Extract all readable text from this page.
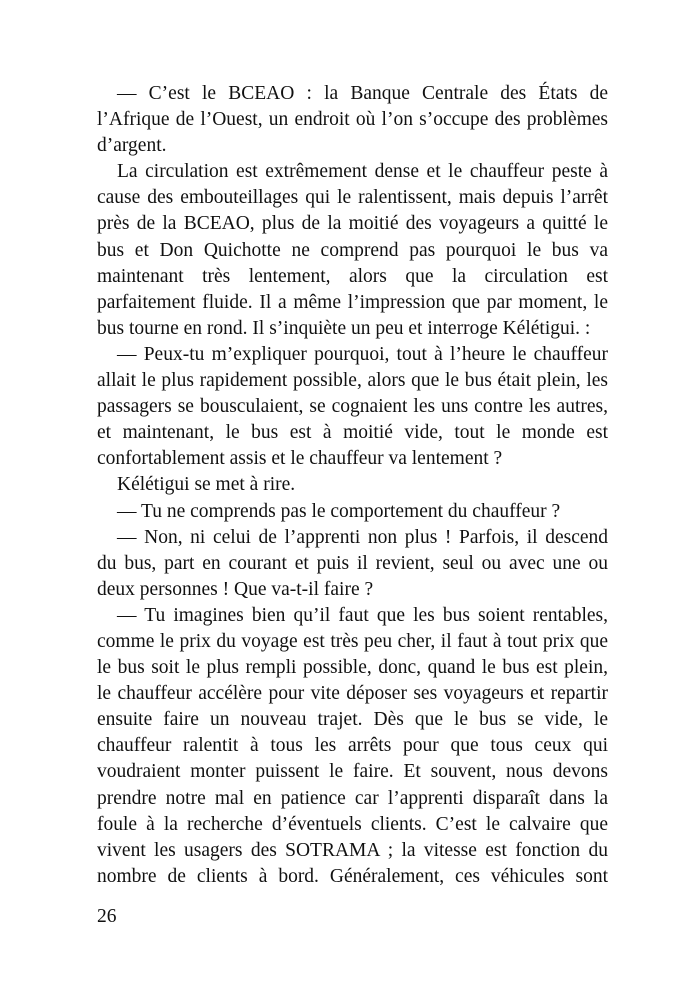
— C’est le BCEAO : la Banque Centrale des États de
l’Afrique de l’Ouest, un endroit où l’on s’occupe des problèmes
d’argent.
La circulation est extrêmement dense et le chauffeur peste à
cause des embouteillages qui le ralentissent, mais depuis l’arrêt
près de la BCEAO, plus de la moitié des voyageurs a quitté le
bus et Don Quichotte ne comprend pas pourquoi le bus va
maintenant très lentement, alors que la circulation est
parfaitement fluide. Il a même l’impression que par moment, le
bus tourne en rond. Il s’inquiète un peu et interroge Kélétigui. :
— Peux-tu m’expliquer pourquoi, tout à l’heure le chauffeur
allait le plus rapidement possible, alors que le bus était plein, les
passagers se bousculaient, se cognaient les uns contre les autres,
et maintenant, le bus est à moitié vide, tout le monde est
confortablement assis et le chauffeur va lentement ?
Kélétigui se met à rire.
— Tu ne comprends pas le comportement du chauffeur ?
— Non, ni celui de l’apprenti non plus ! Parfois, il descend
du bus, part en courant et puis il revient, seul ou avec une ou
deux personnes ! Que va-t-il faire ?
— Tu imagines bien qu’il faut que les bus soient rentables,
comme le prix du voyage est très peu cher, il faut à tout prix que
le bus soit le plus rempli possible, donc, quand le bus est plein,
le chauffeur accélère pour vite déposer ses voyageurs et repartir
ensuite faire un nouveau trajet. Dès que le bus se vide, le
chauffeur ralentit à tous les arrêts pour que tous ceux qui
voudraient monter puissent le faire. Et souvent, nous devons
prendre notre mal en patience car l’apprenti disparaît dans la
foule à la recherche d’éventuels clients. C’est le calvaire que
vivent les usagers des SOTRAMA ; la vitesse est fonction du
nombre de clients à bord. Généralement, ces véhicules sont
26
